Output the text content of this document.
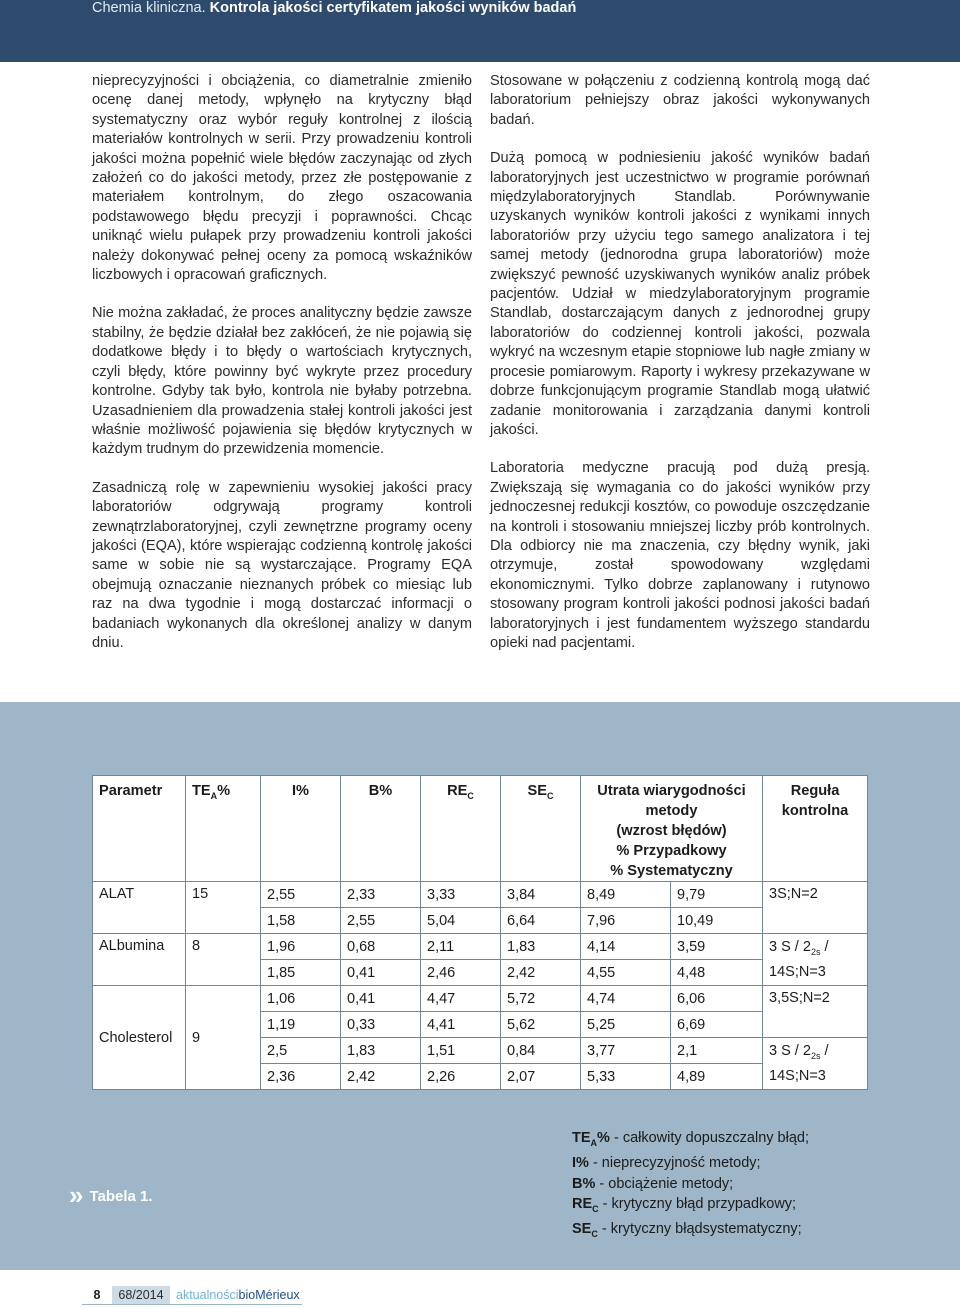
Chemia kliniczna. Kontrola jakości certyfikatem jakości wyników badań

nieprecyzyjności i obciążenia, co diametralnie zmieniło ocenę danej metody, wpłynęło na krytyczny błąd systematyczny oraz wybór reguły kontrolnej z ilością materiałów kontrolnych w serii. Przy prowadzeniu kontroli jakości można popełnić wiele błędów zaczynając od złych założeń co do jakości metody, przez złe postępowanie z materiałem kontrolnym, do złego oszacowania podstawowego błędu precyzji i poprawności. Chcąc uniknąć wielu pułapek przy prowadzeniu kontroli jakości należy dokonywać pełnej oceny za pomocą wskaźników liczbowych i opracowań graficznych.

Nie można zakładać, że proces analityczny będzie zawsze stabilny, że będzie działał bez zakłóceń, że nie pojawią się dodatkowe błędy i to błędy o wartościach krytycznych, czyli błędy, które powinny być wykryte przez procedury kontrolne. Gdyby tak było, kontrola nie byłaby potrzebna. Uzasadnieniem dla prowadzenia stałej kontroli jakości jest właśnie możliwość pojawienia się błędów krytycznych w każdym trudnym do przewidzenia momencie.

Zasadniczą rolę w zapewnieniu wysokiej jakości pracy laboratoriów odgrywają programy kontroli zewnątrzlaboratoryjnej, czyli zewnętrzne programy oceny jakości (EQA), które wspierając codzienną kontrolę jakości same w sobie nie są wystarczające. Programy EQA obejmują oznaczanie nieznanych próbek co miesiąc lub raz na dwa tygodnie i mogą dostarczać informacji o badaniach wykonanych dla określonej analizy w danym dniu.

Stosowane w połączeniu z codzienną kontrolą mogą dać laboratorium pełniejszy obraz jakości wykonywanych badań.

Dużą pomocą w podniesieniu jakość wyników badań laboratoryjnych jest uczestnictwo w programie porównań międzylaboratoryjnych Standlab. Porównywanie uzyskanych wyników kontroli jakości z wynikami innych laboratoriów przy użyciu tego samego analizatora i tej samej metody (jednorodna grupa laboratoriów) może zwiększyć pewność uzyskiwanych wyników analiz próbek pacjentów. Udział w miedzylaboratoryjnym programie Standlab, dostarczającym danych z jednorodnej grupy laboratoriów do codziennej kontroli jakości, pozwala wykryć na wczesnym etapie stopniowe lub nagłe zmiany w procesie pomiarowym. Raporty i wykresy przekazywane w dobrze funkcjonującym programie Standlab mogą ułatwić zadanie monitorowania i zarządzania danymi kontroli jakości.

Laboratoria medyczne pracują pod dużą presją. Zwiększają się wymagania co do jakości wyników przy jednoczesnej redukcji kosztów, co powoduje oszczędzanie na kontroli i stosowaniu mniejszej liczby prób kontrolnych. Dla odbiorcy nie ma znaczenia, czy błędny wynik, jaki otrzymuje, został spowodowany względami ekonomicznymi. Tylko dobrze zaplanowany i rutynowo stosowany program kontroli jakości podnosi jakości badań laboratoryjnych i jest fundamentem wyższego standardu opieki nad pacjentami.

Parametr	$TE_A\%$	I%	B%	$RE_C$	$SE_C$	Utrata wiarygodności metody
(wzrost błędów)
% Przypadkowy
% Systematyczny		Reguła kontrolna
ALAT	15	2,55	2,33	3,33	3,84	8,49	9,79	3S;N=2
		1,58	2,55	5,04	6,64	7,96	10,49	
ALbumina	8	1,96	0,68	2,11	1,83	4,14	3,59	3 S / $2_{2s}$ /
14S;N=3
		1,85	0,41	2,46	2,42	4,55	4,48	
Cholesterol	9	1,06	0,41	4,47	5,72	4,74	6,06	3,5S;N=2
		1,19	0,33	4,41	5,62	5,25	6,69	
		2,5	1,83	1,51	0,84	3,77	2,1	3 S / $2_{2s}$ /
14S;N=3
		2,36	2,42	2,26	2,07	5,33	4,89	
» Tabela 1.
$TE_A\%$ - całkowity dopuszczalny błąd;
I% - nieprecyzyjność metody;
B% - obciążenie metody;
$RE_C$ - krytyczny błąd przypadkowy;
$SE_C$ - krytyczny błądsystematyczny;
8	68/2014 aktualnościbioMérieux
